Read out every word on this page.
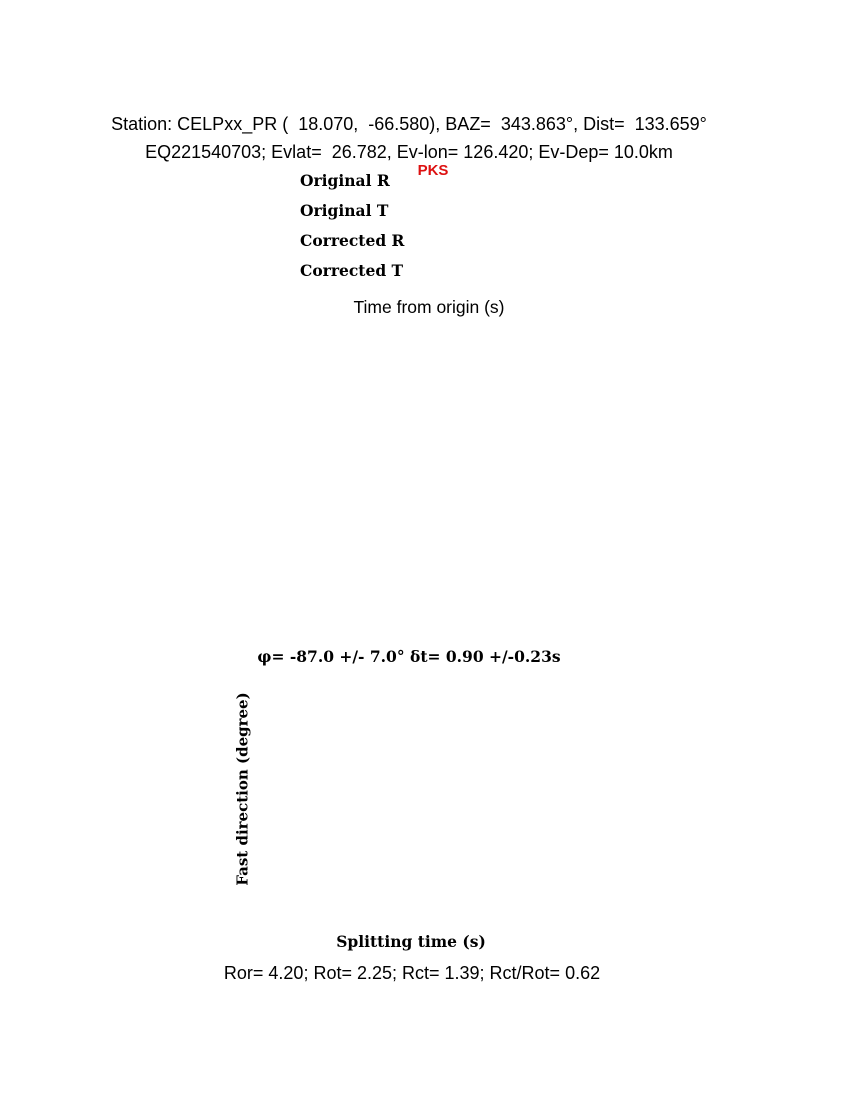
Station: CELPxx_PR (  18.070,  -66.580), BAZ=  343.863°, Dist=  133.659°
EQ221540703; Evlat=  26.782, Ev-lon= 126.420; Ev-Dep= 10.0km
PKS
Original R
Original T
Corrected R
Corrected T
Time from origin (s)
φ= -87.0 +/- 7.0° δt= 0.90 +/-0.23s
Fast direction (degree)
Splitting time (s)
Ror= 4.20; Rot= 2.25; Rct= 1.39; Rct/Rot= 0.62
